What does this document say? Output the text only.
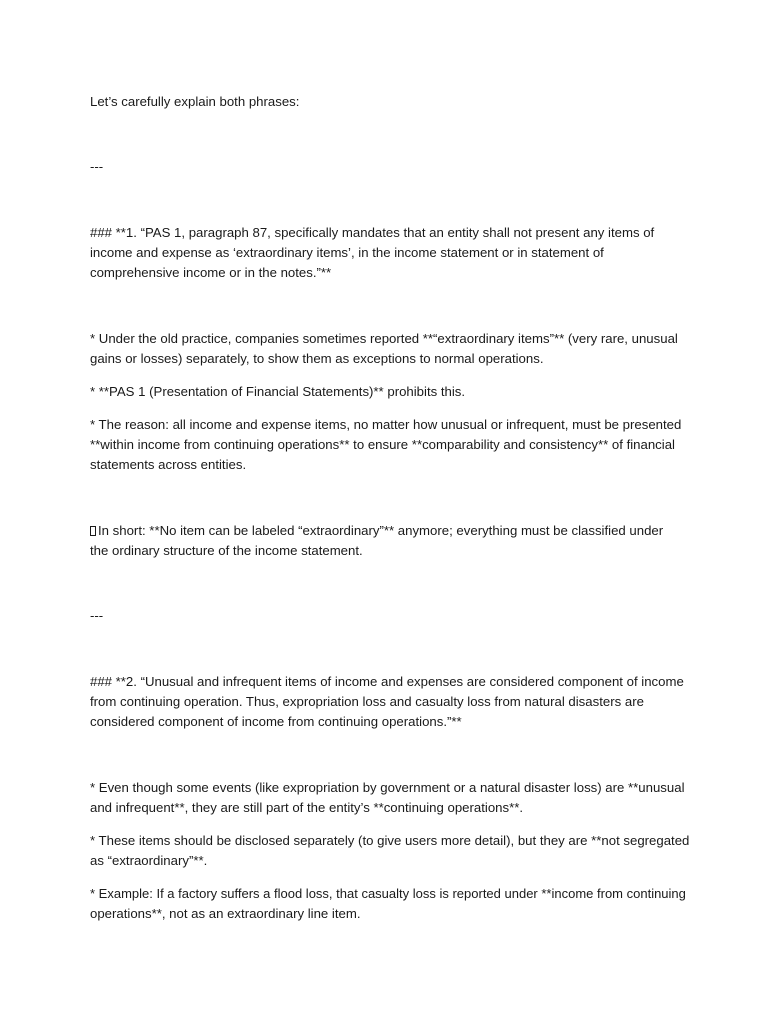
Let’s carefully explain both phrases:
---
### **1. “PAS 1, paragraph 87, specifically mandates that an entity shall not present any items of
income and expense as ‘extraordinary items’, in the income statement or in statement of
comprehensive income or in the notes.”**
* Under the old practice, companies sometimes reported **“extraordinary items”** (very rare, unusual
gains or losses) separately, to show them as exceptions to normal operations.
* **PAS 1 (Presentation of Financial Statements)** prohibits this.
* The reason: all income and expense items, no matter how unusual or infrequent, must be presented
**within income from continuing operations** to ensure **comparability and consistency** of financial
statements across entities.
In short: **No item can be labeled “extraordinary”** anymore; everything must be classified under
the ordinary structure of the income statement.
---
### **2. “Unusual and infrequent items of income and expenses are considered component of income
from continuing operation. Thus, expropriation loss and casualty loss from natural disasters are
considered component of income from continuing operations.”**
* Even though some events (like expropriation by government or a natural disaster loss) are **unusual
and infrequent**, they are still part of the entity’s **continuing operations**.
* These items should be disclosed separately (to give users more detail), but they are **not segregated
as “extraordinary”**.
* Example: If a factory suffers a flood loss, that casualty loss is reported under **income from continuing
operations**, not as an extraordinary line item.
